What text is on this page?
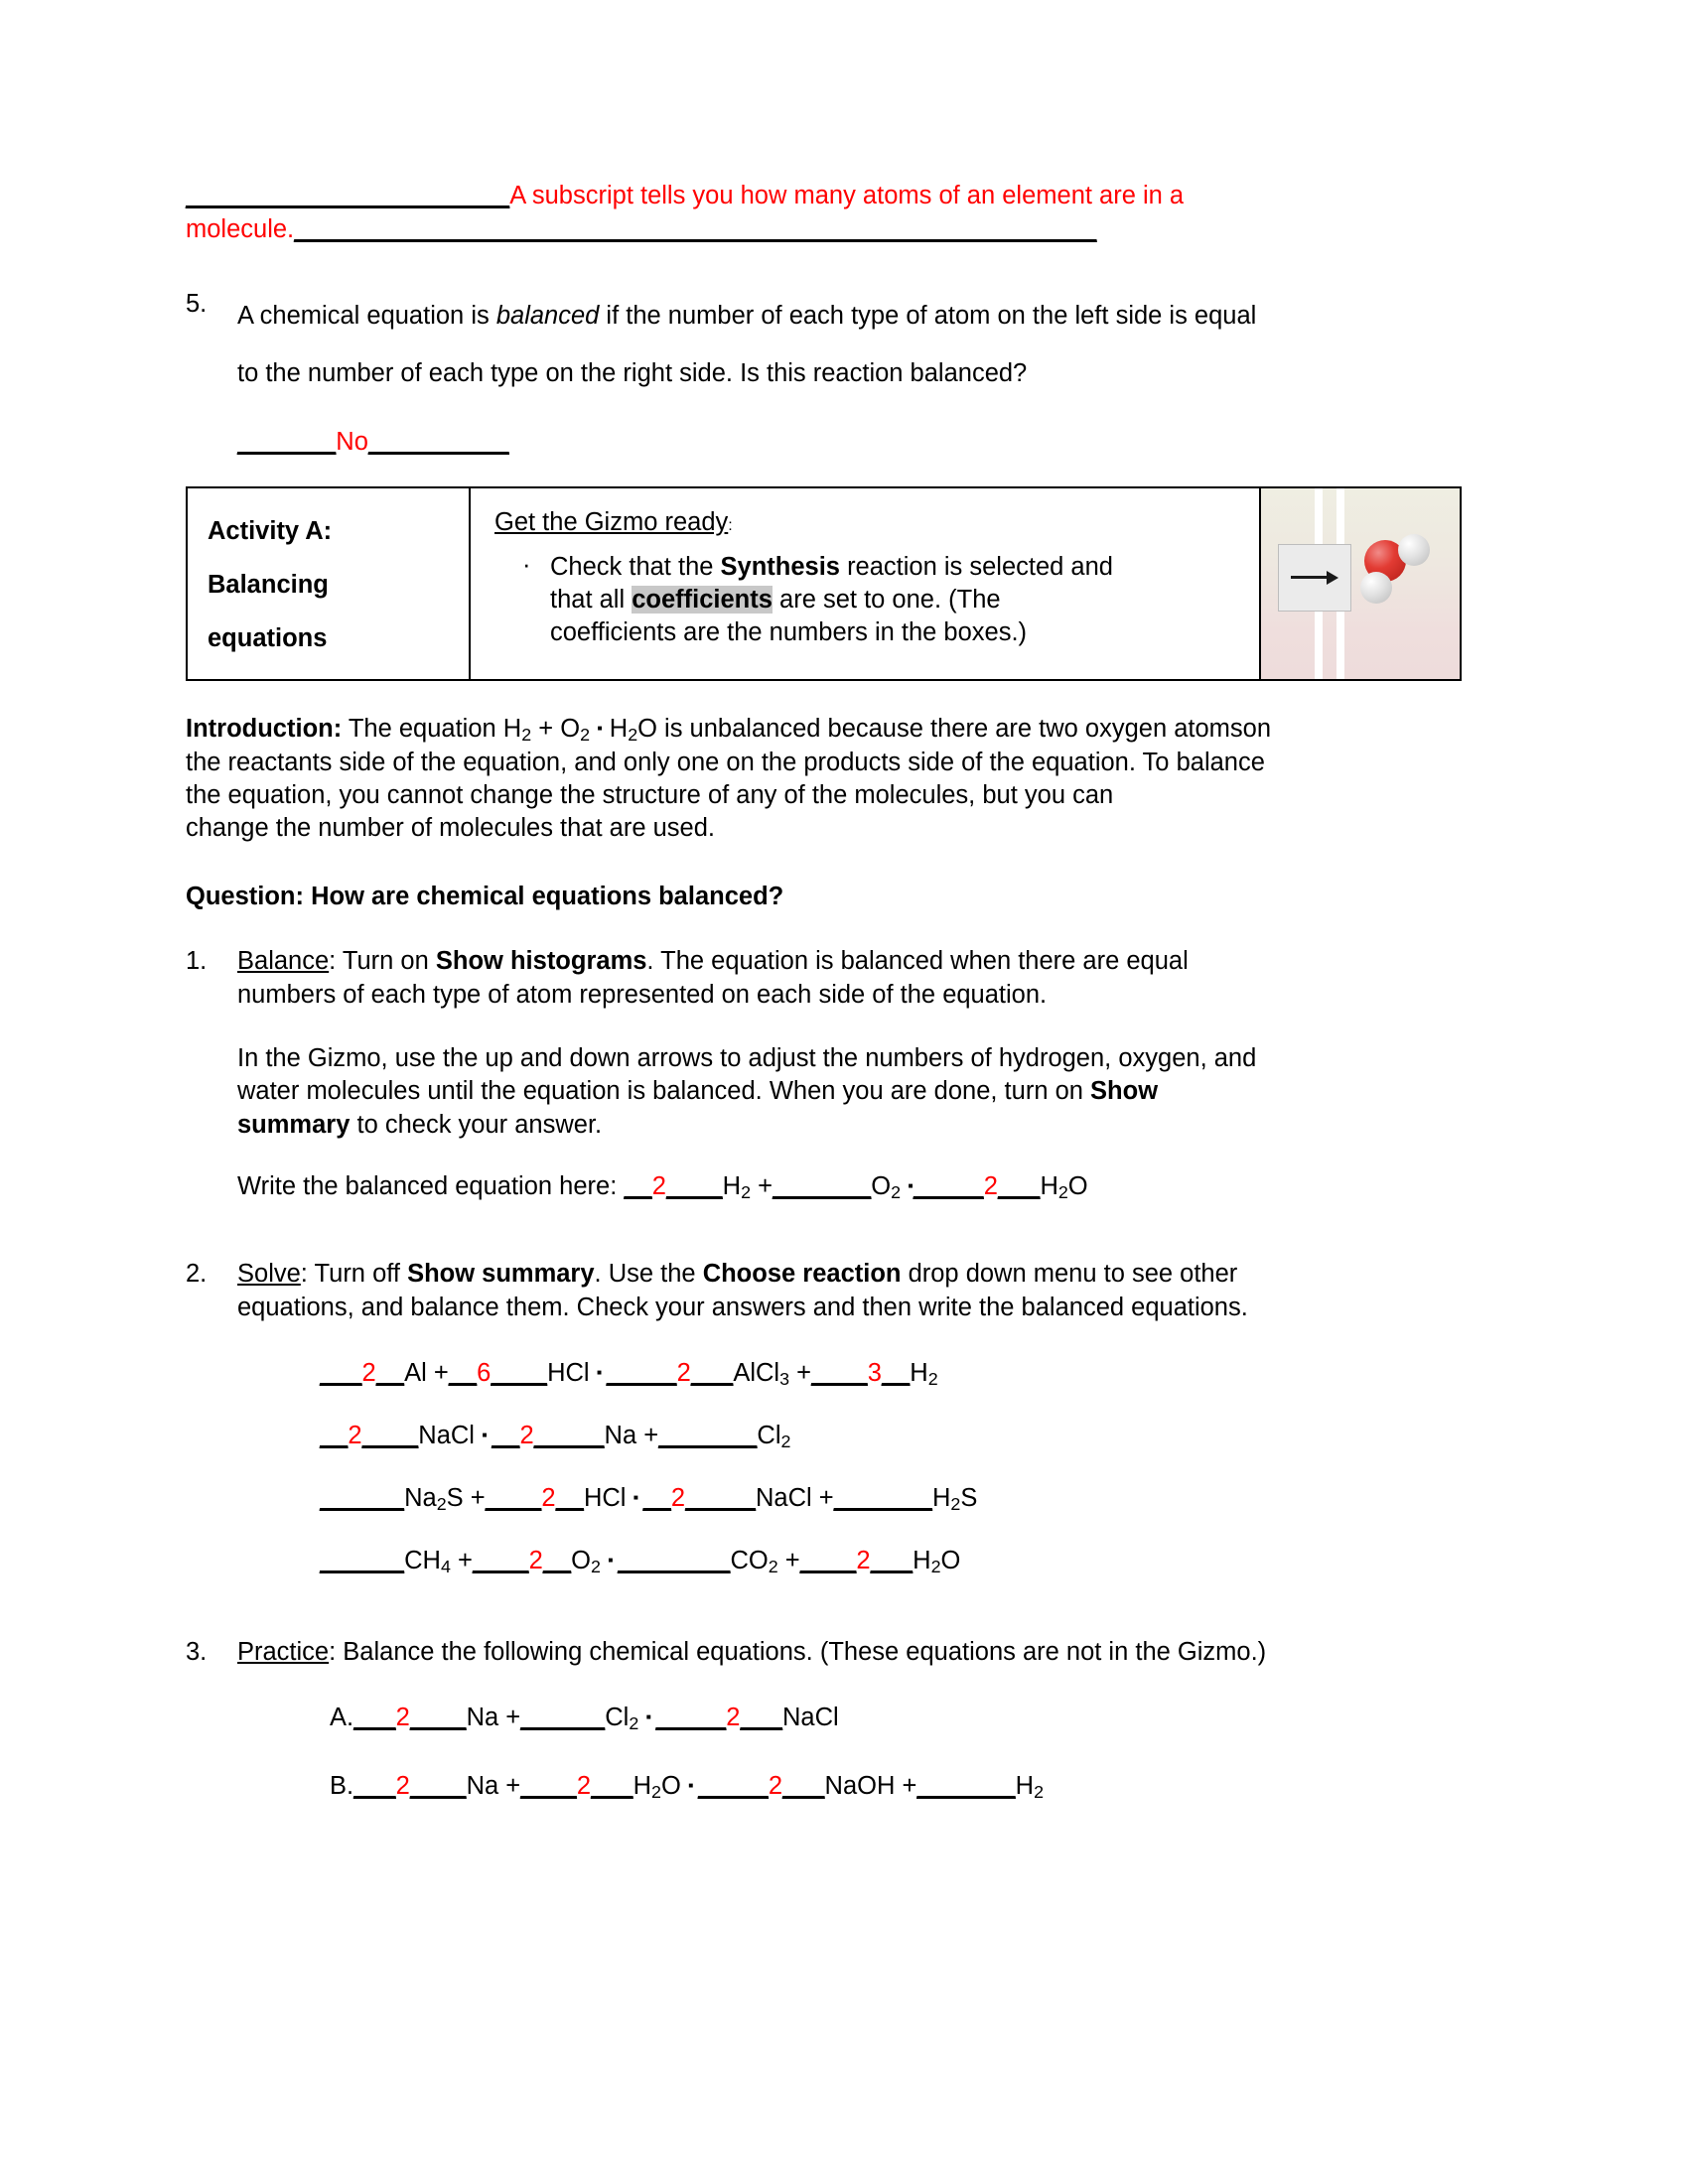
_______________________A subscript tells you how many atoms of an element are in a
molecule._________________________________________________________
5.	A chemical equation is balanced if the number of each type of atom on the left side is equal
to the number of each type on the right side. Is this reaction balanced?
_______No__________
Activity A:
Balancing
equations
Get the Gizmo ready:
· Check that the Synthesis reaction is selected and
that all coefficients are set to one. (The
coefficients are the numbers in the boxes.)
Introduction: The equation $H_2 + O_2$ ▪ $H_2O$ is unbalanced because there are two oxygen atomson
the reactants side of the equation, and only one on the products side of the equation. To balance
the equation, you cannot change the structure of any of the molecules, but you can
change the number of molecules that are used.
Question: How are chemical equations balanced?
1.	Balance: Turn on Show histograms. The equation is balanced when there are equal
numbers of each type of atom represented on each side of the equation.
In the Gizmo, use the up and down arrows to adjust the numbers of hydrogen, oxygen, and
water molecules until the equation is balanced. When you are done, turn on Show
summary to check your answer.
Write the balanced equation here: $\_\_2\_\_\_\_H_2$ $+\_\_\_\_\_\_\_O_2$ $▪\_\_\_\_\_2\_\_\_H_2O$
2.	Solve: Turn off Show summary. Use the Choose reaction drop down menu to see other
equations, and balance them. Check your answers and then write the balanced equations.
___2__Al +__6____HCl ▪ _____2___AlCl$_3$ $+\_\_\_\_3\_\_H_2$
__2____NaCl ▪ __2_____Na $+\_\_\_\_\_\_\_Cl_2$
$\_\_\_\_\_\_Na_2S$ +____2__HCl ▪ __2_____NaCl $+\_\_\_\_\_\_\_H_2S$
$\_\_\_\_\_\_CH_4$ $+\_\_\_\_2\_\_O_2$ ▪ $\_\_\_\_\_\_\_\_CO_2$ $+\_\_\_\_2\_\_\_H_2O$
3.	Practice: Balance the following chemical equations. (These equations are not in the Gizmo.)
A.___2____Na $+\_\_\_\_\_\_Cl_2$ ▪ _____2___NaCl
B.___2____Na $+\_\_\_\_2\_\_\_H_2O$ ▪ _____2___NaOH $+\_\_\_\_\_\_\_H_2$
